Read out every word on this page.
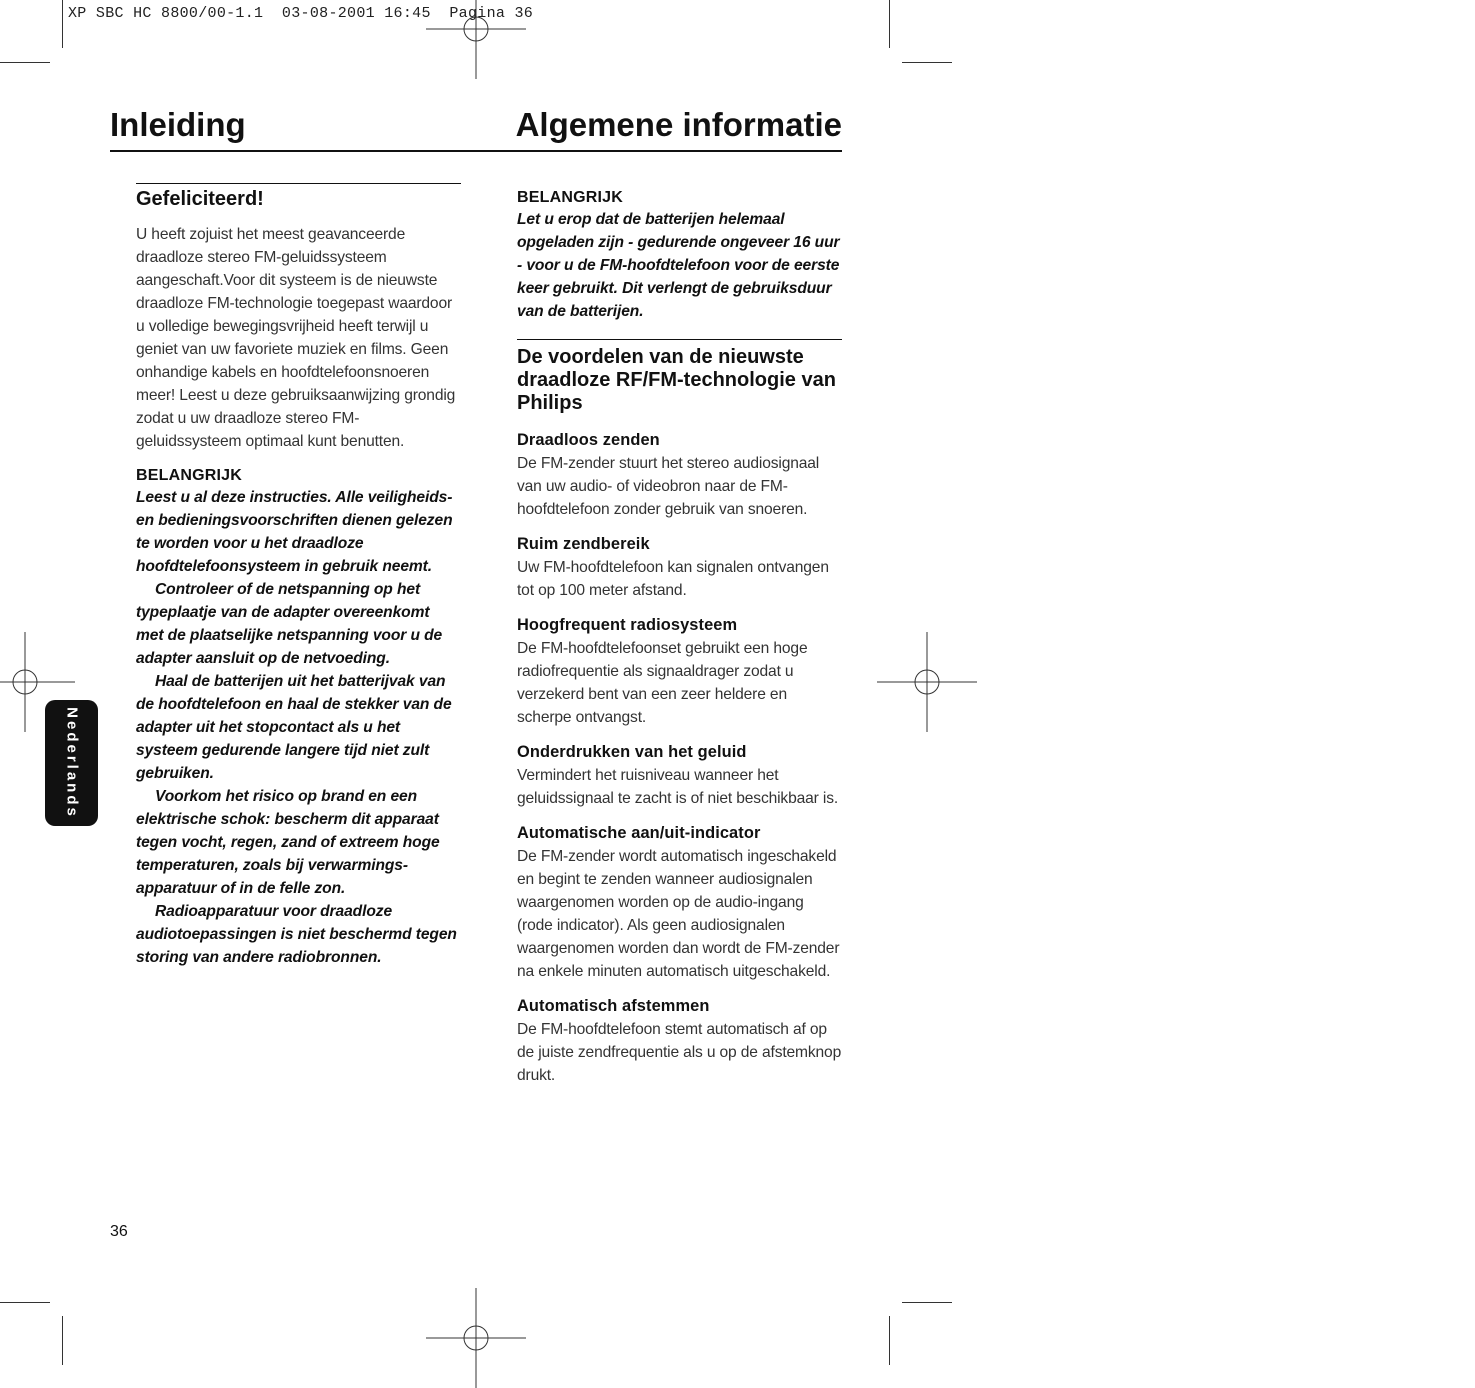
XP SBC HC 8800/00-1.1  03-08-2001 16:45  Pagina 36
Inleiding	Algemene informatie
Gefeliciteerd!

U heeft zojuist het meest geavanceerde draadloze stereo FM-geluidssysteem aangeschaft.Voor dit systeem is de nieuwste draadloze FM-technologie toegepast waardoor u volledige bewegingsvrijheid heeft terwijl u geniet van uw favoriete muziek en films. Geen onhandige kabels en hoofdtelefoonsnoeren meer! Leest u deze gebruiksaanwijzing grondig zodat u uw draadloze stereo FM-geluidssysteem optimaal kunt benutten.

BELANGRIJK

Leest u al deze instructies. Alle veiligheids- en bedieningsvoorschriften dienen gelezen te worden voor u het draadloze hoofdtelefoonsysteem in gebruik neemt.

Controleer of de netspanning op het typeplaatje van de adapter overeenkomt met de plaatselijke netspanning voor u de adapter aansluit op de netvoeding.
Haal de batterijen uit het batterijvak van de hoofdtelefoon en haal de stekker van de adapter uit het stopcontact als u het systeem gedurende langere tijd niet zult gebruiken.
Voorkom het risico op brand en een elektrische schok: bescherm dit apparaat tegen vocht, regen, zand of extreem hoge temperaturen, zoals bij verwarmings-apparatuur of in de felle zon.
Radioapparatuur voor draadloze audiotoepassingen is niet beschermd tegen storing van andere radiobronnen.
BELANGRIJK

Let u erop dat de batterijen helemaal opgeladen zijn - gedurende ongeveer 16 uur - voor u de FM-hoofdtelefoon voor de eerste keer gebruikt. Dit verlengt de gebruiksduur van de batterijen.

De voordelen van de nieuwste draadloze RF/FM-technologie van Philips
Draadloos zenden

De FM-zender stuurt het stereo audiosignaal van uw audio- of videobron naar de FM-hoofdtelefoon zonder gebruik van snoeren.

Ruim zendbereik

Uw FM-hoofdtelefoon kan signalen ontvangen tot op 100 meter afstand.

Hoogfrequent radiosysteem

De FM-hoofdtelefoonset gebruikt een hoge radiofrequentie als signaaldrager zodat u verzekerd bent van een zeer heldere en scherpe ontvangst.

Onderdrukken van het geluid

Vermindert het ruisniveau wanneer het geluidssignaal te zacht is of niet beschikbaar is.

Automatische aan/uit-indicator

De FM-zender wordt automatisch ingeschakeld en begint te zenden wanneer audiosignalen waargenomen worden op de audio-ingang (rode indicator). Als geen audiosignalen waargenomen worden dan wordt de FM-zender na enkele minuten automatisch uitgeschakeld.

Automatisch afstemmen

De FM-hoofdtelefoon stemt automatisch af op de juiste zendfrequentie als u op de afstemknop drukt.

Nederlands
36
